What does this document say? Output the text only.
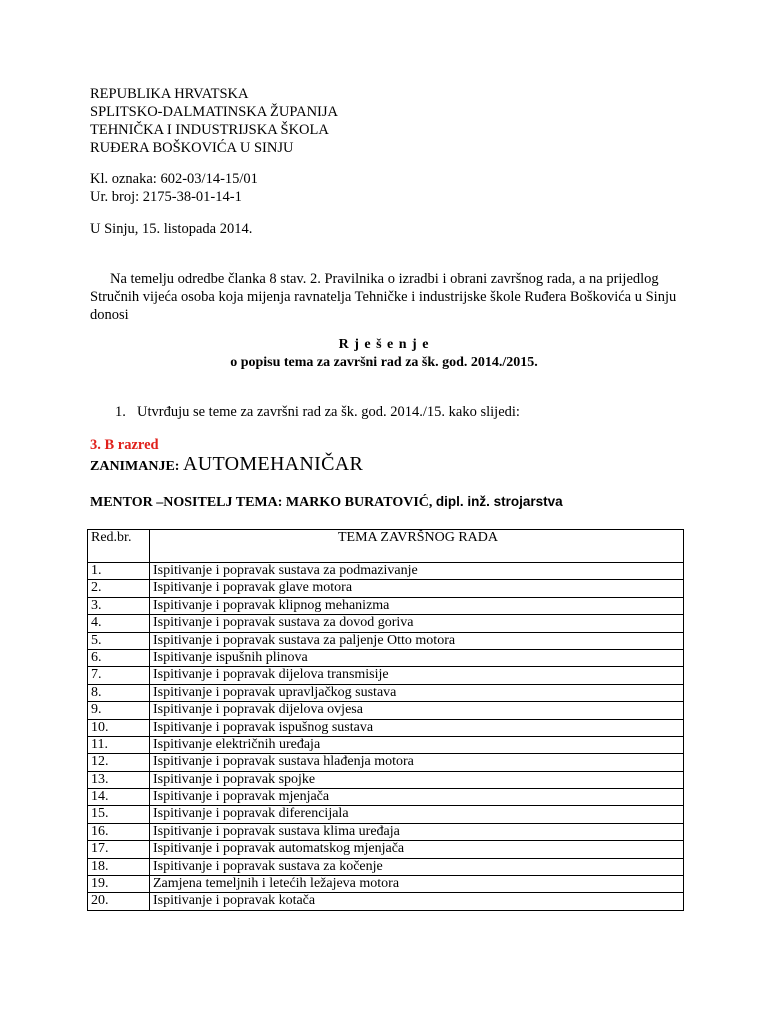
REPUBLIKA HRVATSKA
SPLITSKO-DALMATINSKA ŽUPANIJA
TEHNIČKA I INDUSTRIJSKA ŠKOLA
RUĐERA BOŠKOVIĆA U SINJU
Kl. oznaka: 602-03/14-15/01
Ur. broj: 2175-38-01-14-1
U Sinju, 15. listopada 2014.
Na temelju odredbe članka 8 stav. 2. Pravilnika o izradbi i obrani završnog rada, a na prijedlog Stručnih vijeća osoba koja mijenja ravnatelja Tehničke i industrijske škole Ruđera Boškovića u Sinju donosi
R j e š e n j e
o popisu tema za završni rad za šk. god. 2014./2015.
1. Utvrđuju se teme za završni rad za šk. god. 2014./15. kako slijedi:
3. B razred
ZANIMANJE: AUTOMEHANIČAR
MENTOR –NOSITELJ TEMA: MARKO BURATOVIĆ, dipl. inž. strojarstva
Red.br.	TEMA ZAVRŠNOG RADA
1.	Ispitivanje i popravak sustava za podmazivanje
2.	Ispitivanje i popravak glave motora
3.	Ispitivanje i popravak klipnog mehanizma
4.	Ispitivanje i popravak sustava za dovod goriva
5.	Ispitivanje i popravak sustava za paljenje Otto motora
6.	Ispitivanje ispušnih plinova
7.	Ispitivanje i popravak dijelova transmisije
8.	Ispitivanje i popravak upravljačkog sustava
9.	Ispitivanje i popravak dijelova ovjesa
10.	Ispitivanje i popravak ispušnog sustava
11.	Ispitivanje električnih uređaja
12.	Ispitivanje i popravak sustava hlađenja motora
13.	Ispitivanje i popravak spojke
14.	Ispitivanje i popravak mjenjača
15.	Ispitivanje i popravak diferencijala
16.	Ispitivanje i popravak sustava klima uređaja
17.	Ispitivanje i popravak automatskog mjenjača
18.	Ispitivanje i popravak sustava za kočenje
19.	Zamjena temeljnih i letećih ležajeva motora
20.	Ispitivanje i popravak kotača
